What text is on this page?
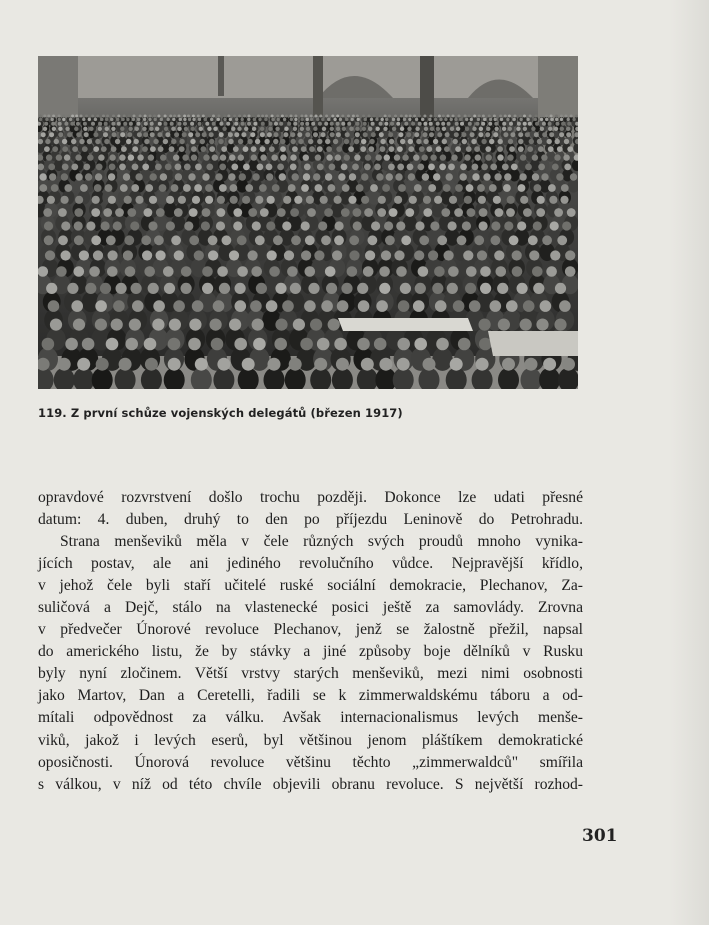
119. Z první schůze vojenských delegátů (březen 1917)
opravdové rozvrstvení došlo trochu později. Dokonce lze udati přesné
datum: 4. duben, druhý to den po příjezdu Leninově do Petrohradu.
Strana menševiků měla v čele různých svých proudů mnoho vynika-
jících postav, ale ani jediného revolučního vůdce. Nejpravější křídlo,
v jehož čele byli staří učitelé ruské sociální demokracie, Plechanov, Za-
suličová a Dejč, stálo na vlastenecké posici ještě za samovlády. Zrovna
v předvečer Únorové revoluce Plechanov, jenž se žalostně přežil, napsal
do amerického listu, že by stávky a jiné způsoby boje dělníků v Rusku
byly nyní zločinem. Větší vrstvy starých menševiků, mezi nimi osobnosti
jako Martov, Dan a Ceretelli, řadili se k zimmerwaldskému táboru a od-
mítali odpovědnost za válku. Avšak internacionalismus levých menše-
viků, jakož i levých eserů, byl většinou jenom pláštíkem demokratické
oposičnosti. Únorová revoluce většinu těchto „zimmerwaldců" smířila
s válkou, v níž od této chvíle objevili obranu revoluce. S největší rozhod-
301
